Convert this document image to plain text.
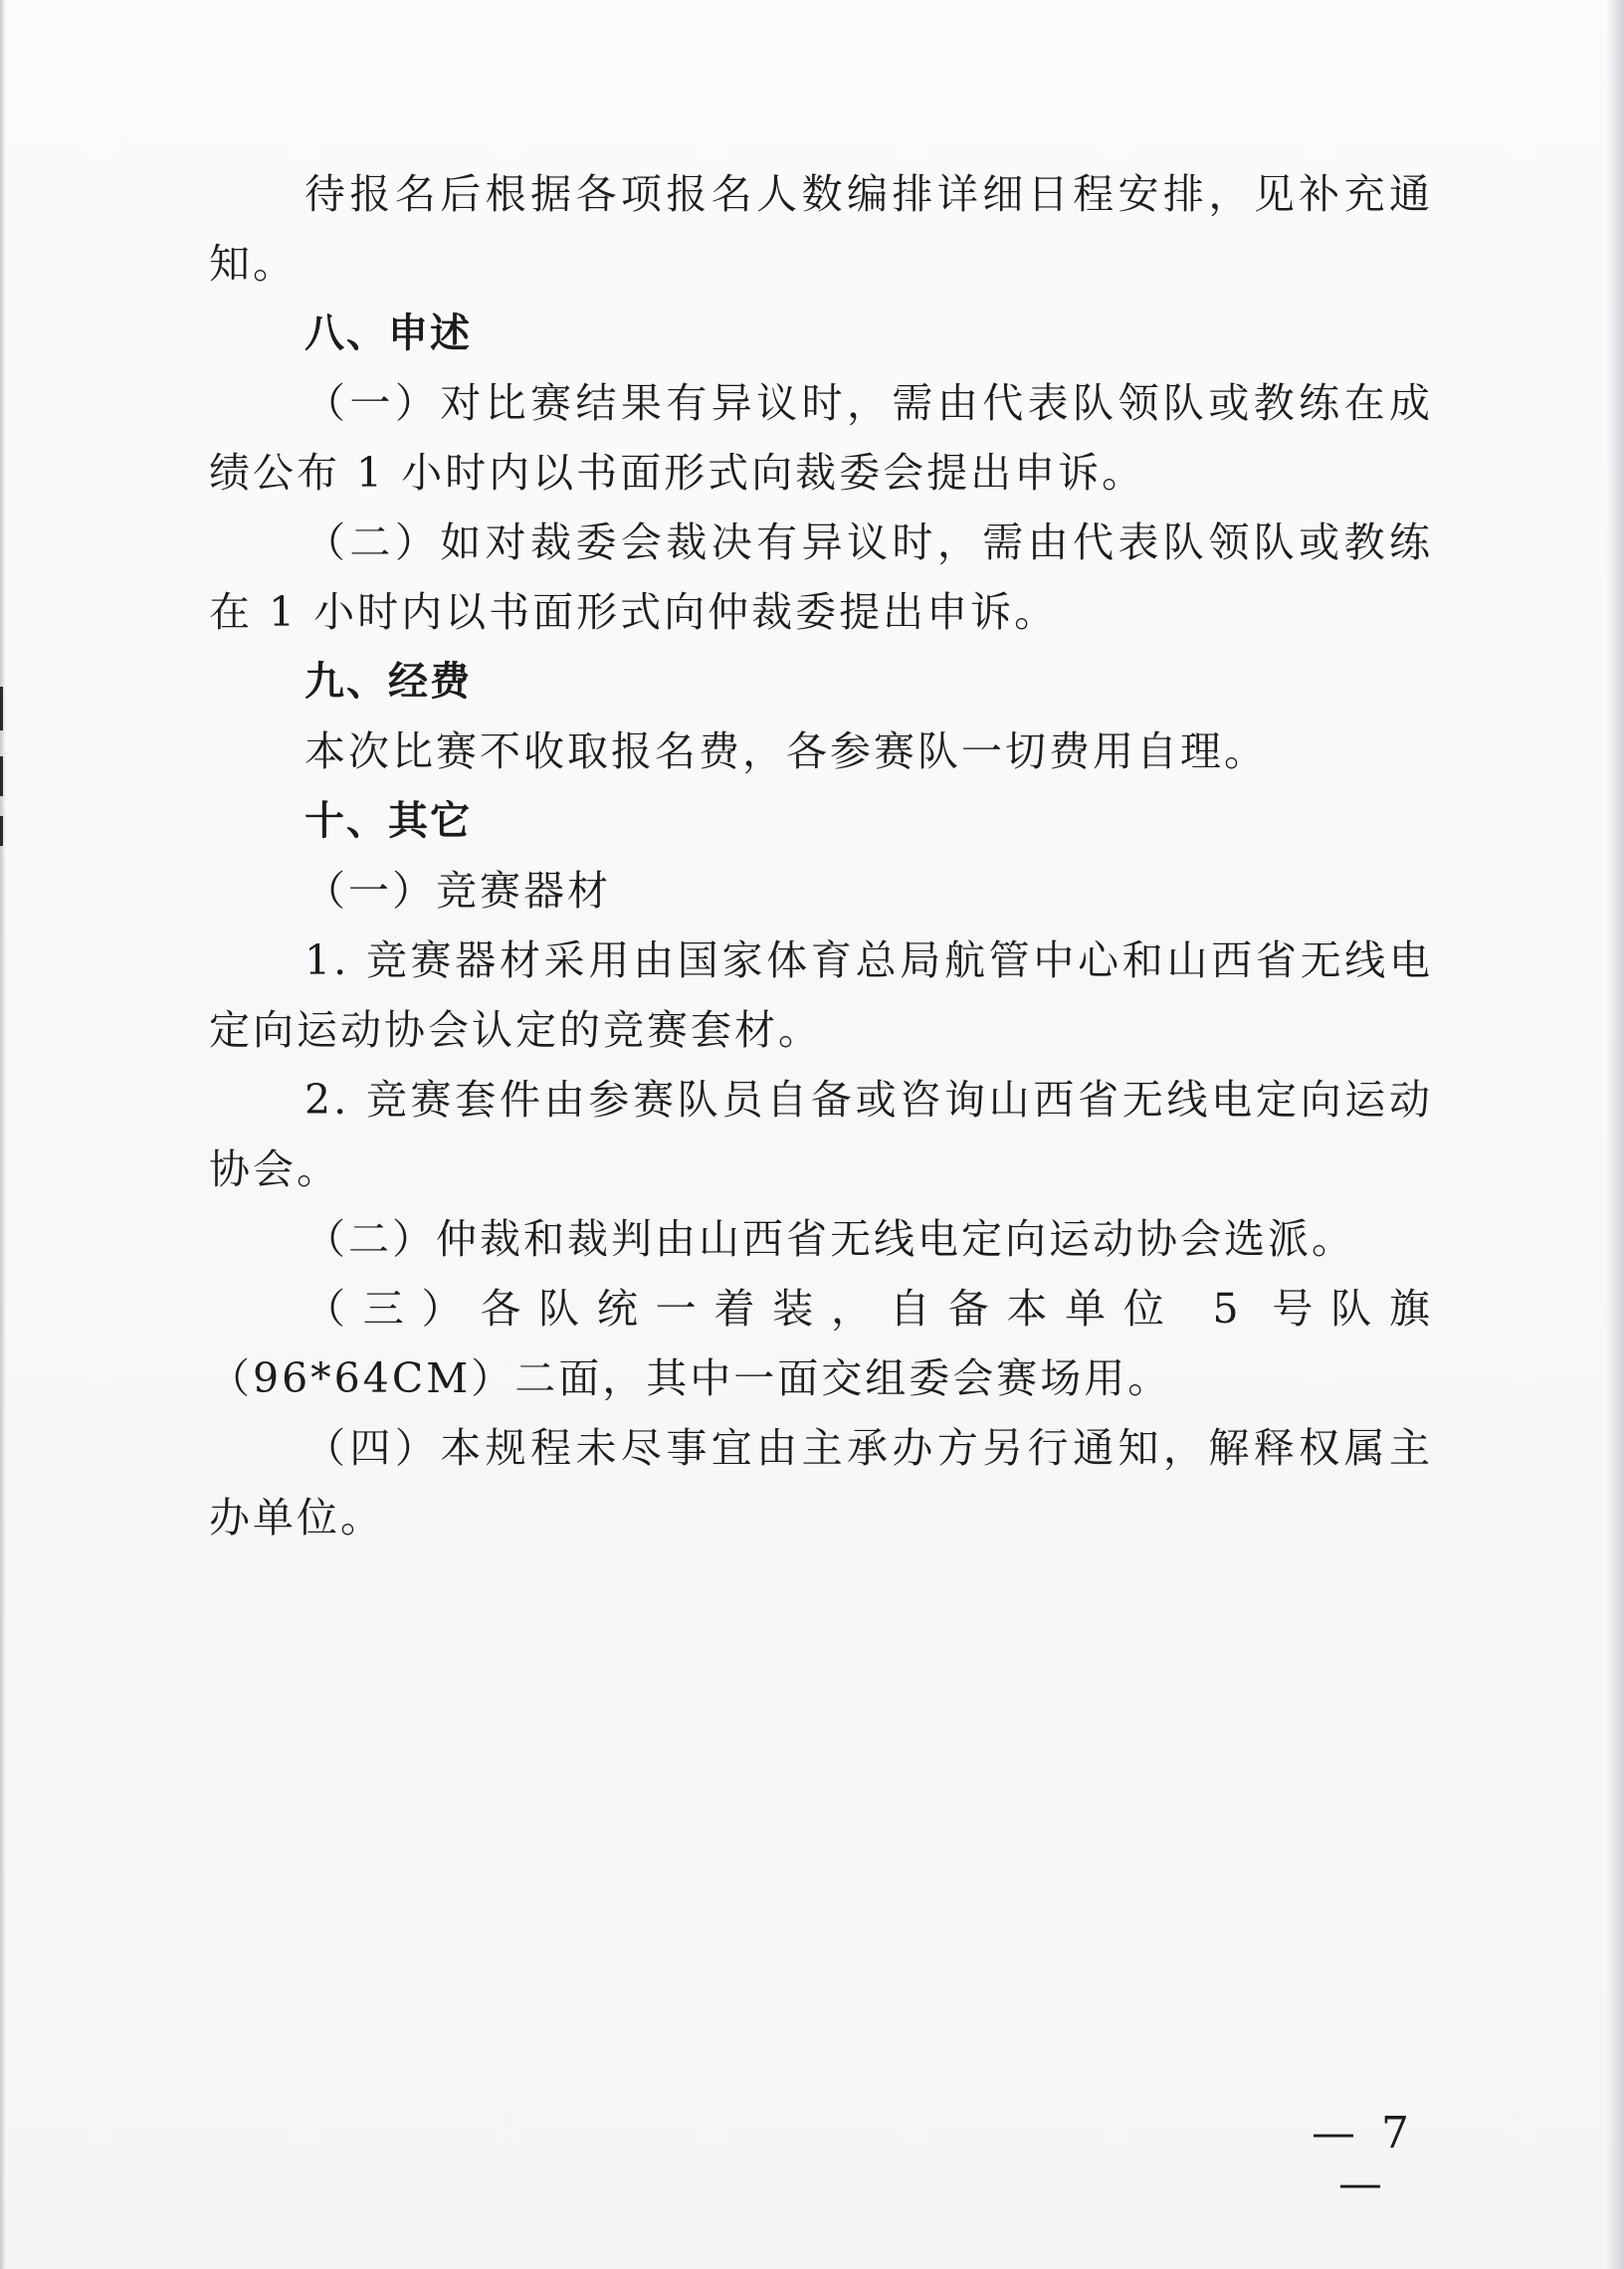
待报名后根据各项报名人数编排详细日程安排，见补充通知。

八、申述

（一）对比赛结果有异议时，需由代表队领队或教练在成绩公布 1 小时内以书面形式向裁委会提出申诉。

（二）如对裁委会裁决有异议时，需由代表队领队或教练在 1 小时内以书面形式向仲裁委提出申诉。

九、经费

本次比赛不收取报名费，各参赛队一切费用自理。

十、其它

（一）竞赛器材

1. 竞赛器材采用由国家体育总局航管中心和山西省无线电定向运动协会认定的竞赛套材。

2. 竞赛套件由参赛队员自备或咨询山西省无线电定向运动协会。

（二）仲裁和裁判由山西省无线电定向运动协会选派。

（三）各队统一着装，自备本单位 5 号队旗（96*64CM）二面，其中一面交组委会赛场用。

（四）本规程未尽事宜由主承办方另行通知，解释权属主办单位。

— 7 —
